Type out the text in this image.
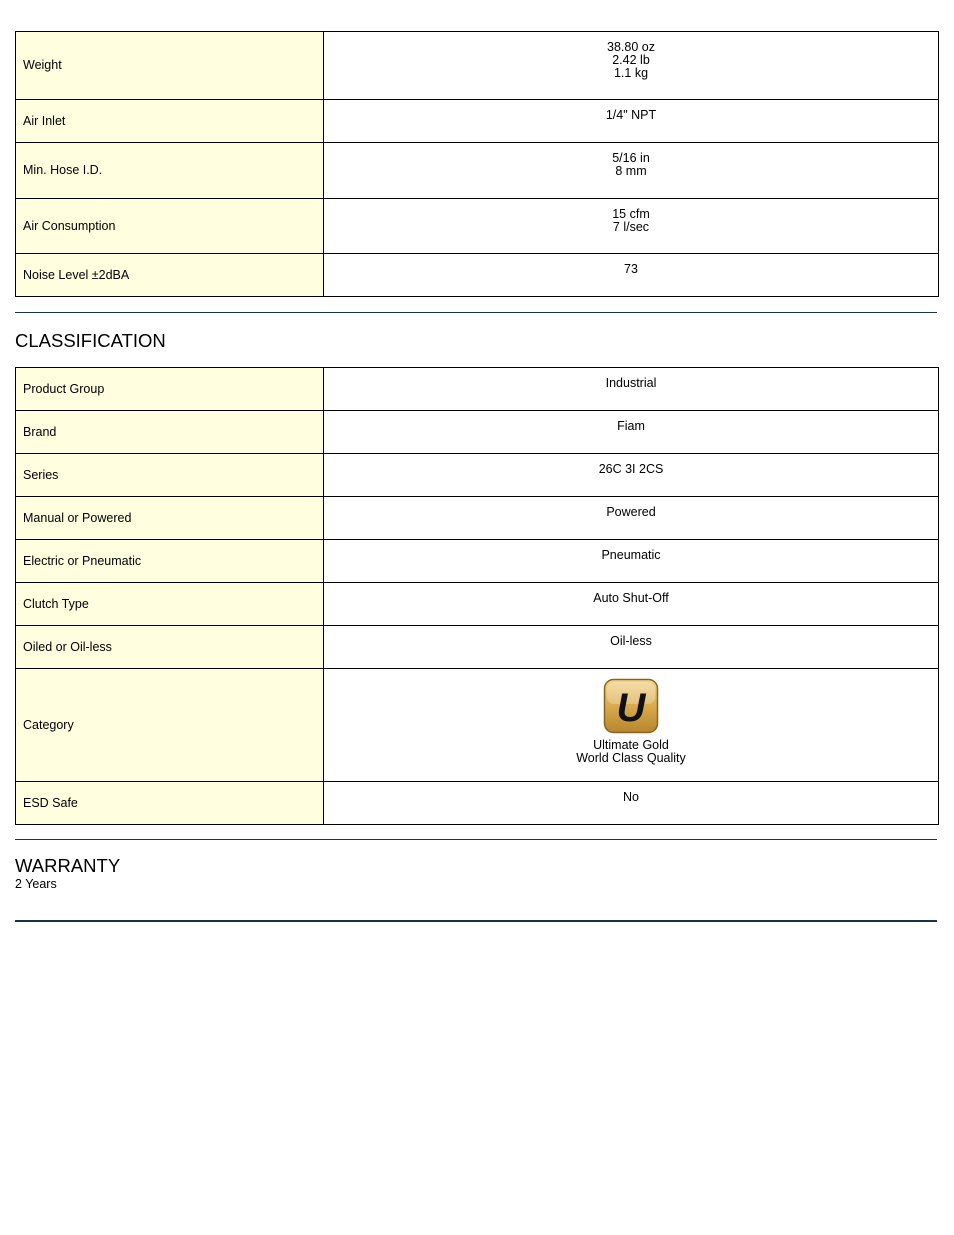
Weight	38.80 oz
2.42 lb
1.1 kg

Air Inlet	1/4" NPT

Min. Hose I.D.	5/16 in
8 mm

Air Consumption	15 cfm
7 l/sec

Noise Level ±2dBA	73
CLASSIFICATION
Product Group	Industrial

Brand	Fiam

Series	26C 3I 2CS

Manual or Powered	Powered

Electric or Pneumatic	Pneumatic

Clutch Type	Auto Shut-Off

Oiled or Oil-less	Oil-less

Category	U
Ultimate Gold
World Class Quality

ESD Safe	No
WARRANTY
2 Years
